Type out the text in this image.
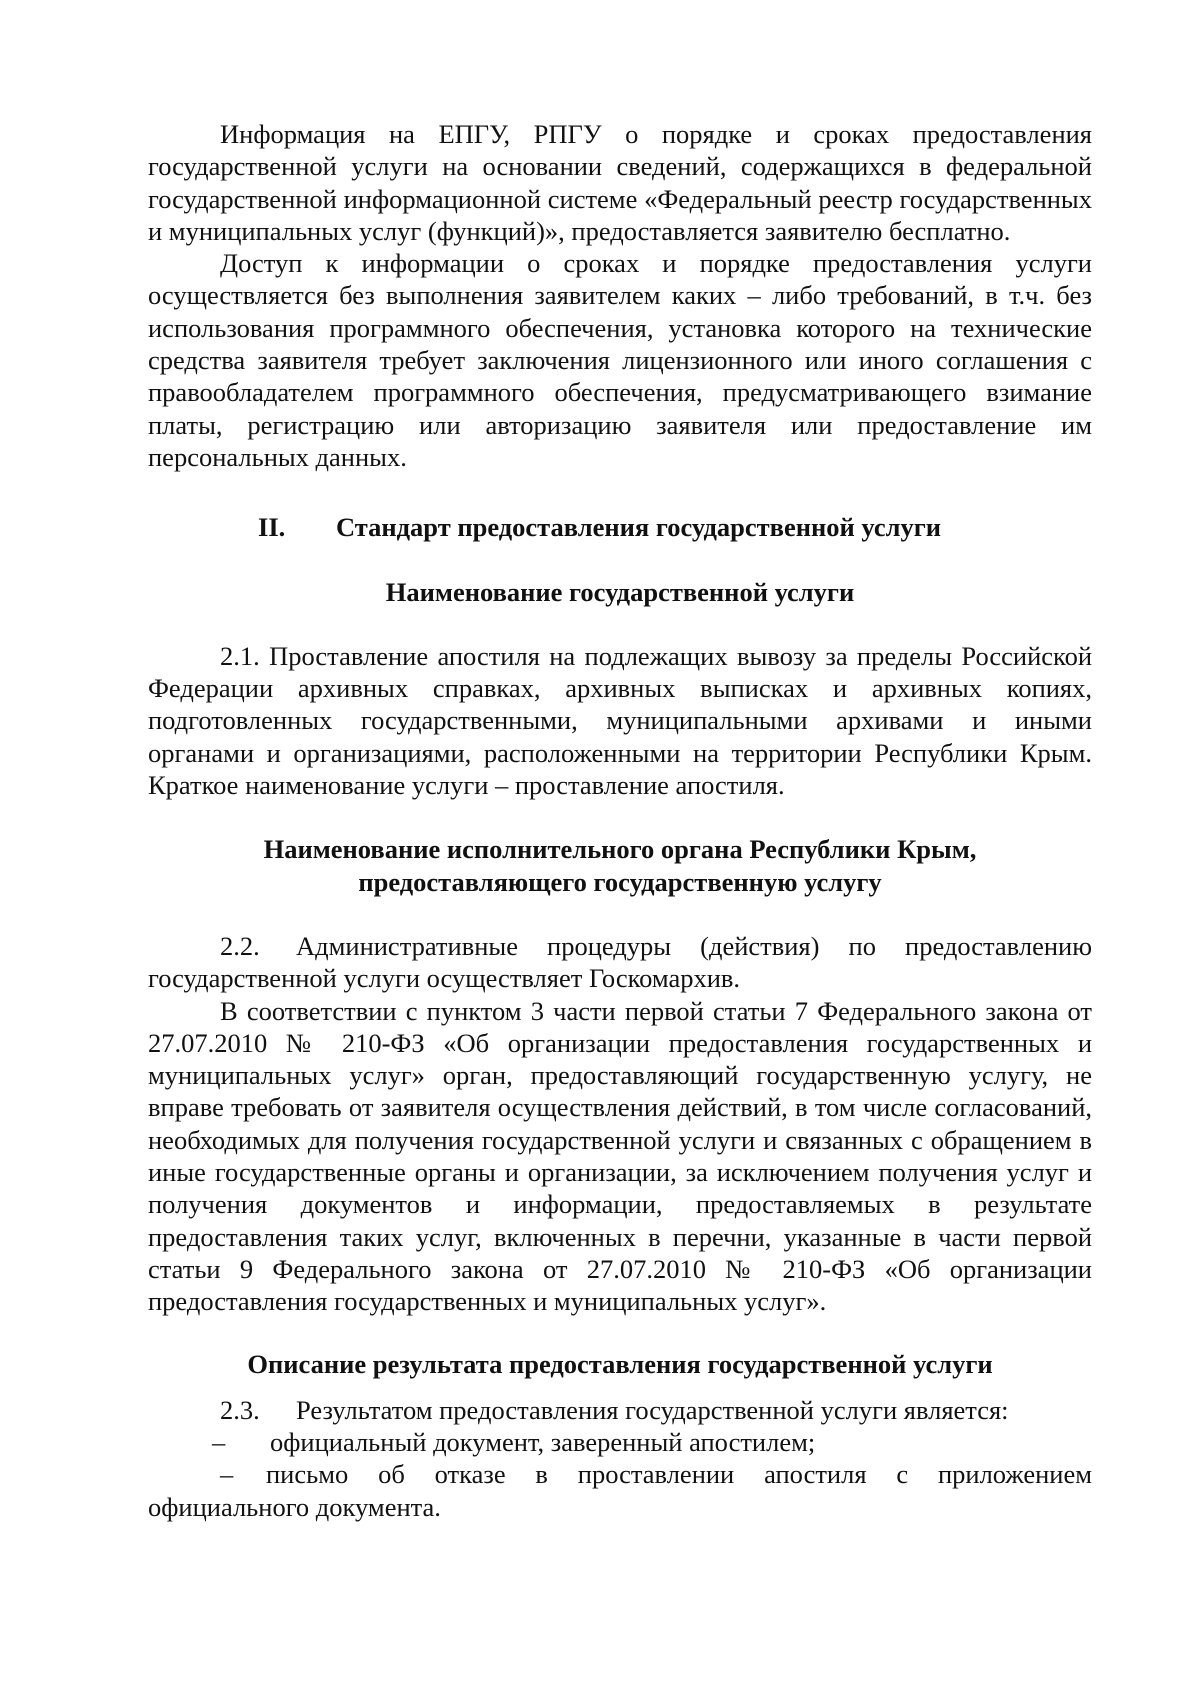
Информация на ЕПГУ, РПГУ о порядке и сроках предоставления государственной услуги на основании сведений, содержащихся в федеральной государственной информационной системе «Федеральный реестр государственных и муниципальных услуг (функций)», предоставляется заявителю бесплатно.

Доступ к информации о сроках и порядке предоставления услуги осуществляется без выполнения заявителем каких – либо требований, в т.ч. без использования программного обеспечения, установка которого на технические средства заявителя требует заключения лицензионного или иного соглашения с правообладателем программного обеспечения, предусматривающего взимание платы, регистрацию или авторизацию заявителя или предоставление им персональных данных.

II. Стандарт предоставления государственной услуги
Наименование государственной услуги

2.1. Проставление апостиля на подлежащих вывозу за пределы Российской Федерации архивных справках, архивных выписках и архивных копиях, подготовленных государственными, муниципальными архивами и иными органами и организациями, расположенными на территории Республики Крым. Краткое наименование услуги – проставление апостиля.

Наименование исполнительного органа Республики Крым,
предоставляющего государственную услугу

2.2. Административные процедуры (действия) по предоставлению государственной услуги осуществляет Госкомархив.

В соответствии с пунктом 3 части первой статьи 7 Федерального закона от 27.07.2010 № 210-ФЗ «Об организации предоставления государственных и муниципальных услуг» орган, предоставляющий государственную услугу, не вправе требовать от заявителя осуществления действий, в том числе согласований, необходимых для получения государственной услуги и связанных с обращением в иные государственные органы и организации, за исключением получения услуг и получения документов и информации, предоставляемых в результате предоставления таких услуг, включенных в перечни, указанные в части первой статьи 9 Федерального закона от 27.07.2010 № 210-ФЗ «Об организации предоставления государственных и муниципальных услуг».

Описание результата предоставления государственной услуги

2.3. Результатом предоставления государственной услуги является:

– официальный документ, заверенный апостилем;

– письмо об отказе в проставлении апостиля с приложением официального документа.
